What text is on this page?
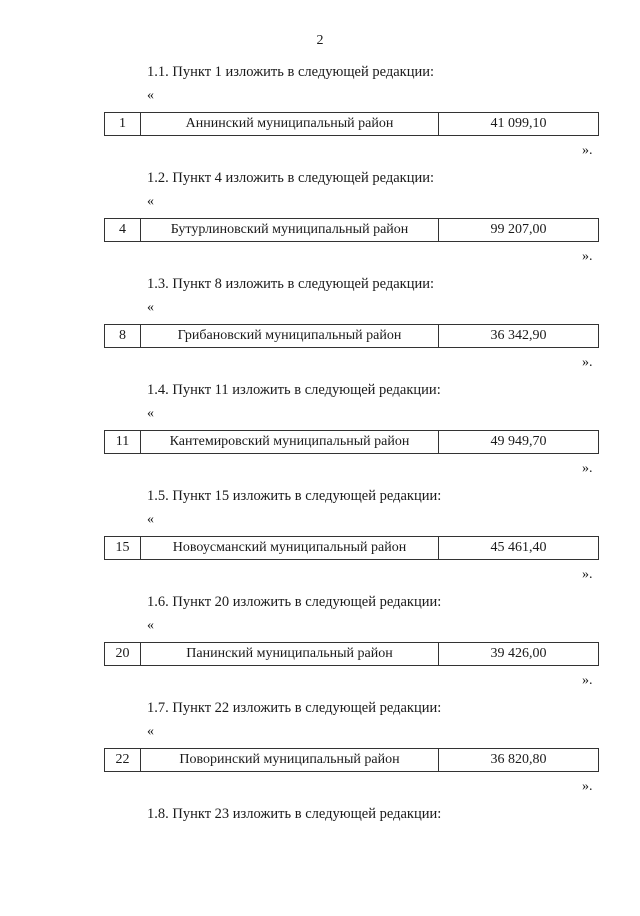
2
1.1. Пункт 1 изложить в следующей редакции:
«
1	Аннинский муниципальный район	41 099,10
».
1.2. Пункт 4 изложить в следующей редакции:
«
4	Бутурлиновский муниципальный район	99 207,00
».
1.3. Пункт 8 изложить в следующей редакции:
«
8	Грибановский муниципальный район	36 342,90
».
1.4. Пункт 11 изложить в следующей редакции:
«
11	Кантемировский муниципальный район	49 949,70
».
1.5. Пункт 15 изложить в следующей редакции:
«
15	Новоусманский муниципальный район	45 461,40
».
1.6. Пункт 20 изложить в следующей редакции:
«
20	Панинский муниципальный район	39 426,00
».
1.7. Пункт 22 изложить в следующей редакции:
«
22	Поворинский муниципальный район	36 820,80
».
1.8. Пункт 23 изложить в следующей редакции:
